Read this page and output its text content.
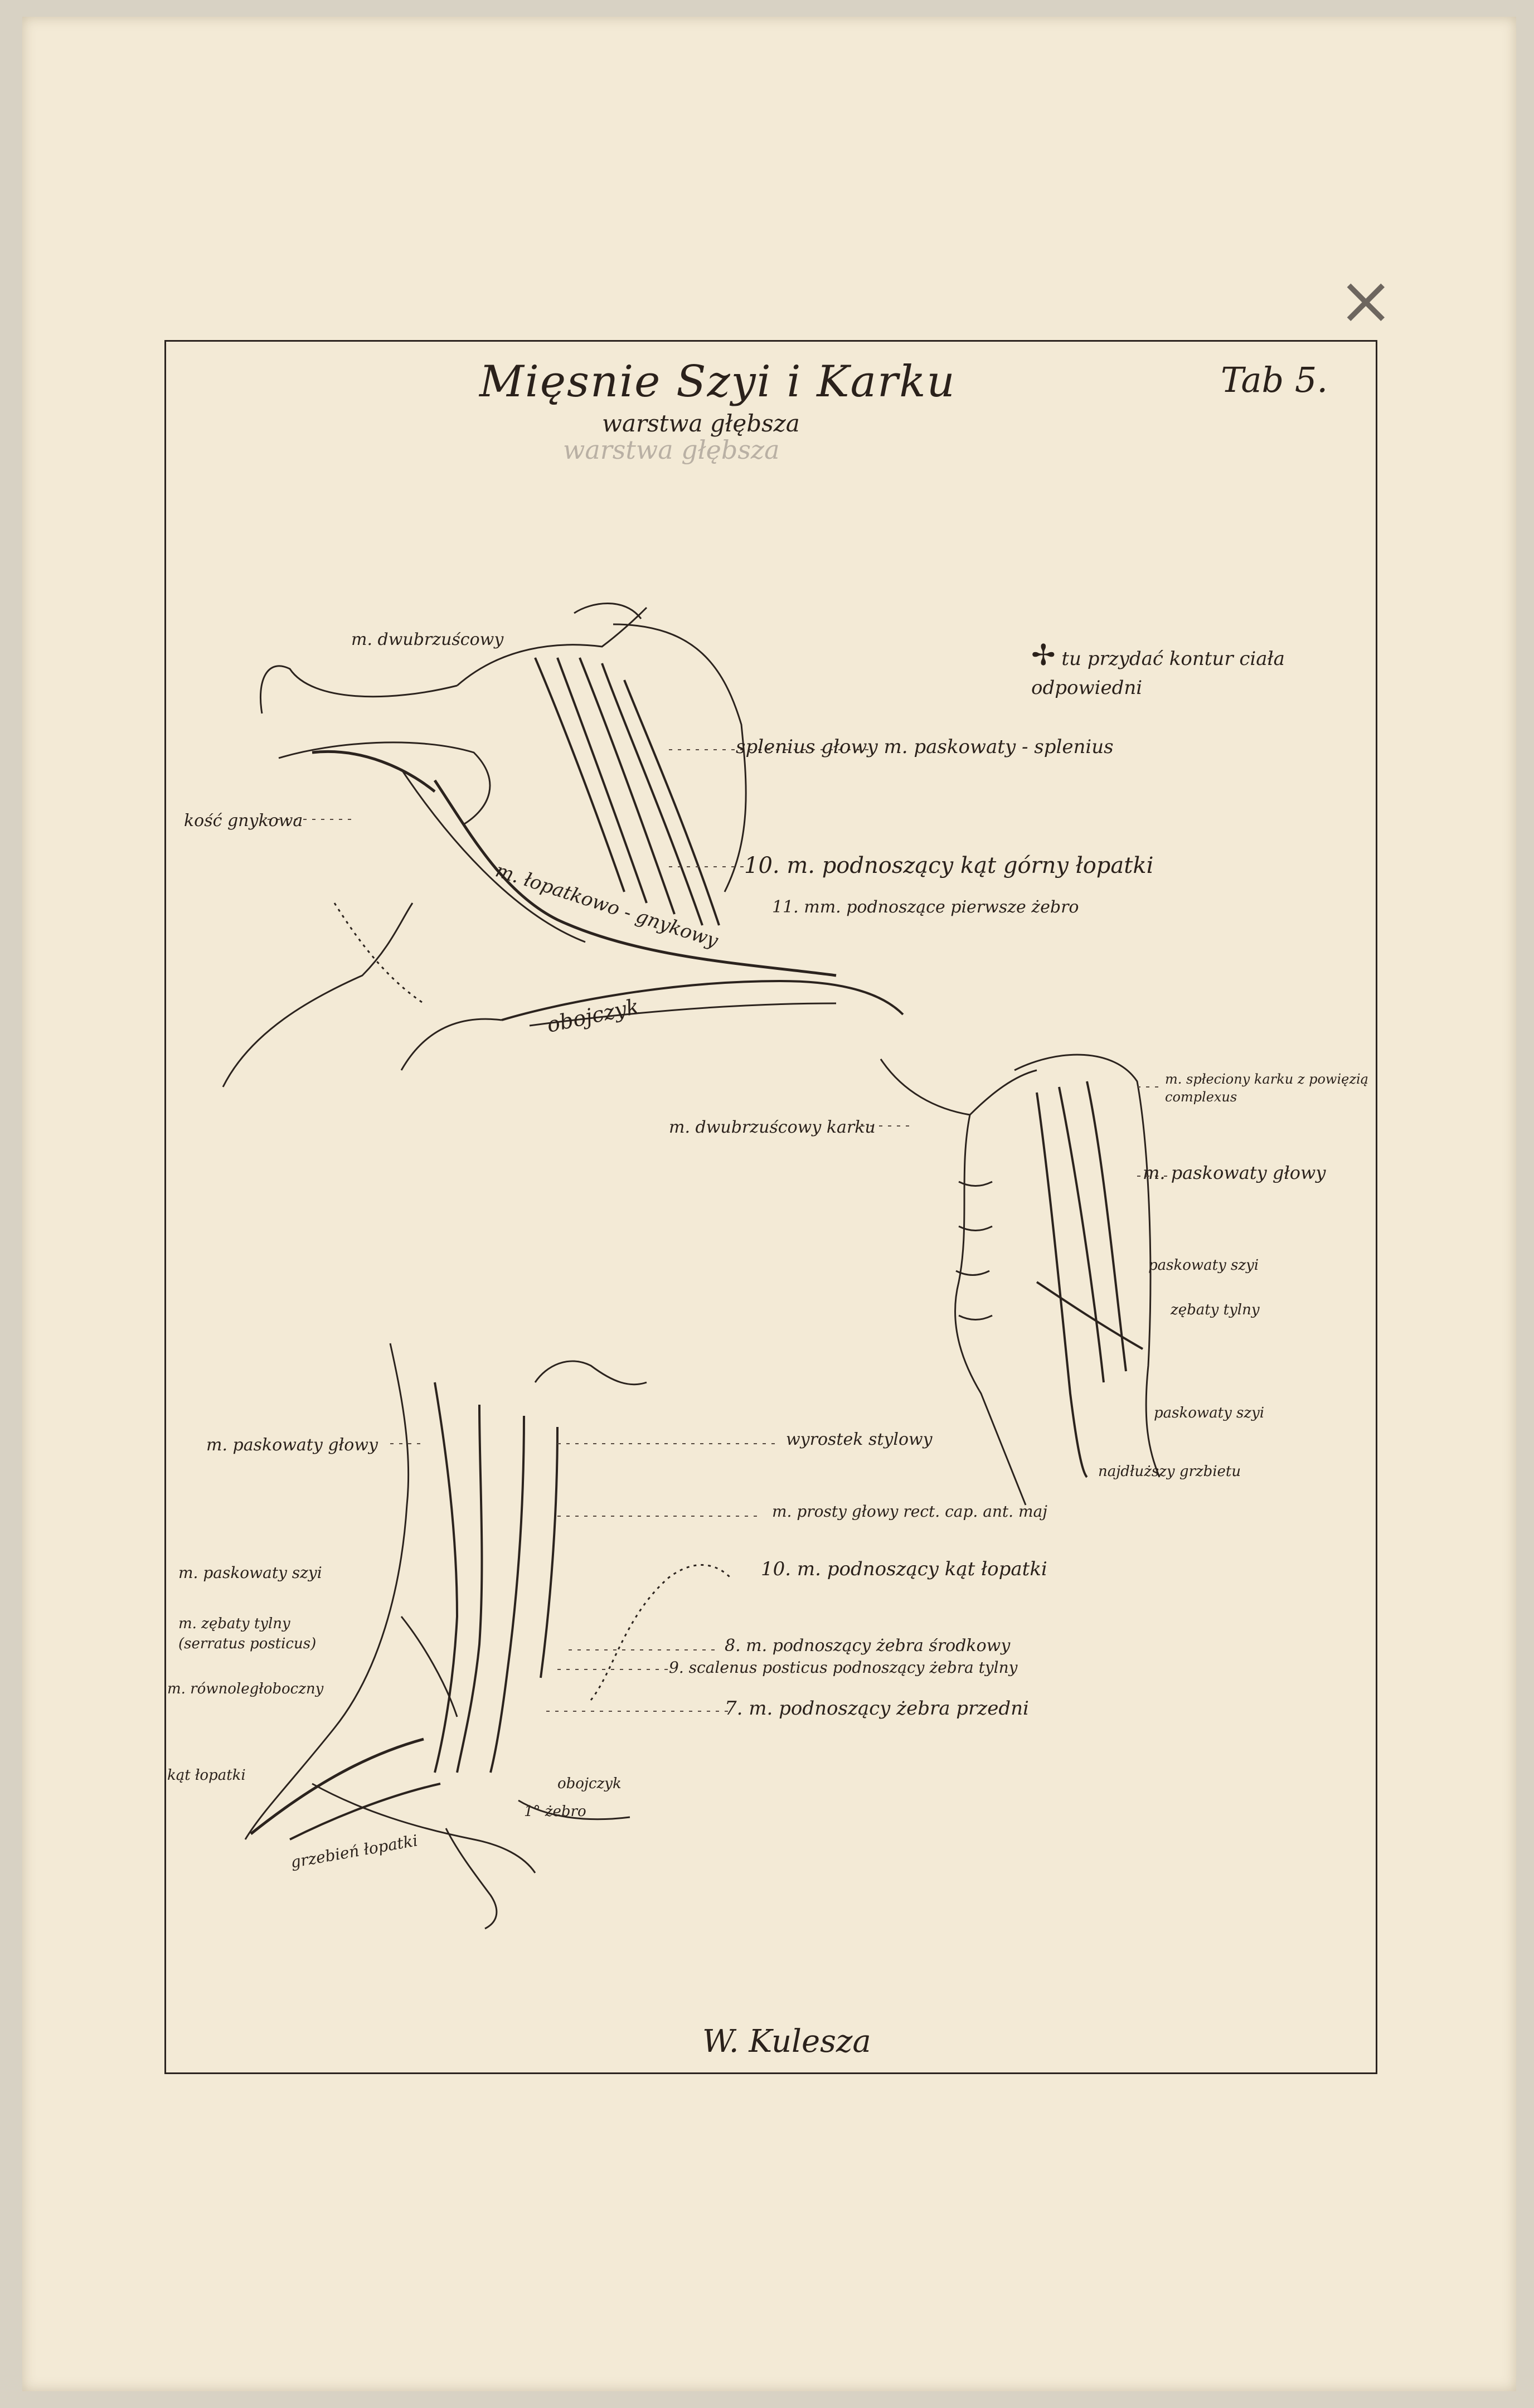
×
Mięsnie Szyi i Karku	Tab 5.
warstwa głębsza
warstwa głębsza
✢ tu przydać kontur ciała odpowiedni
m. dwubrzuścowy
kość gnykowa
splenius głowy m. paskowaty - splenius
10. m. podnoszący kąt górny łopatki
11. mm. podnoszące pierwsze żebro
m. łopatkowo - gnykowy
obojczyk
m. dwubrzuścowy karku
m. spłeciony karku z powięzią complexus
m. paskowaty głowy
paskowaty szyi
zębaty tylny
paskowaty szyi
najdłuższy grzbietu
m. paskowaty głowy
m. paskowaty szyi
m. zębaty tylny (serratus posticus)
m. równoległoboczny
kąt łopatki
grzebień łopatki
wyrostek stylowy
m. prosty głowy rect. cap. ant. maj
10. m. podnoszący kąt łopatki
8. m. podnoszący żebra środkowy
9. scalenus posticus podnoszący żebra tylny
7. m. podnoszący żebra przedni
1° żebro
obojczyk
W. Kulesza
